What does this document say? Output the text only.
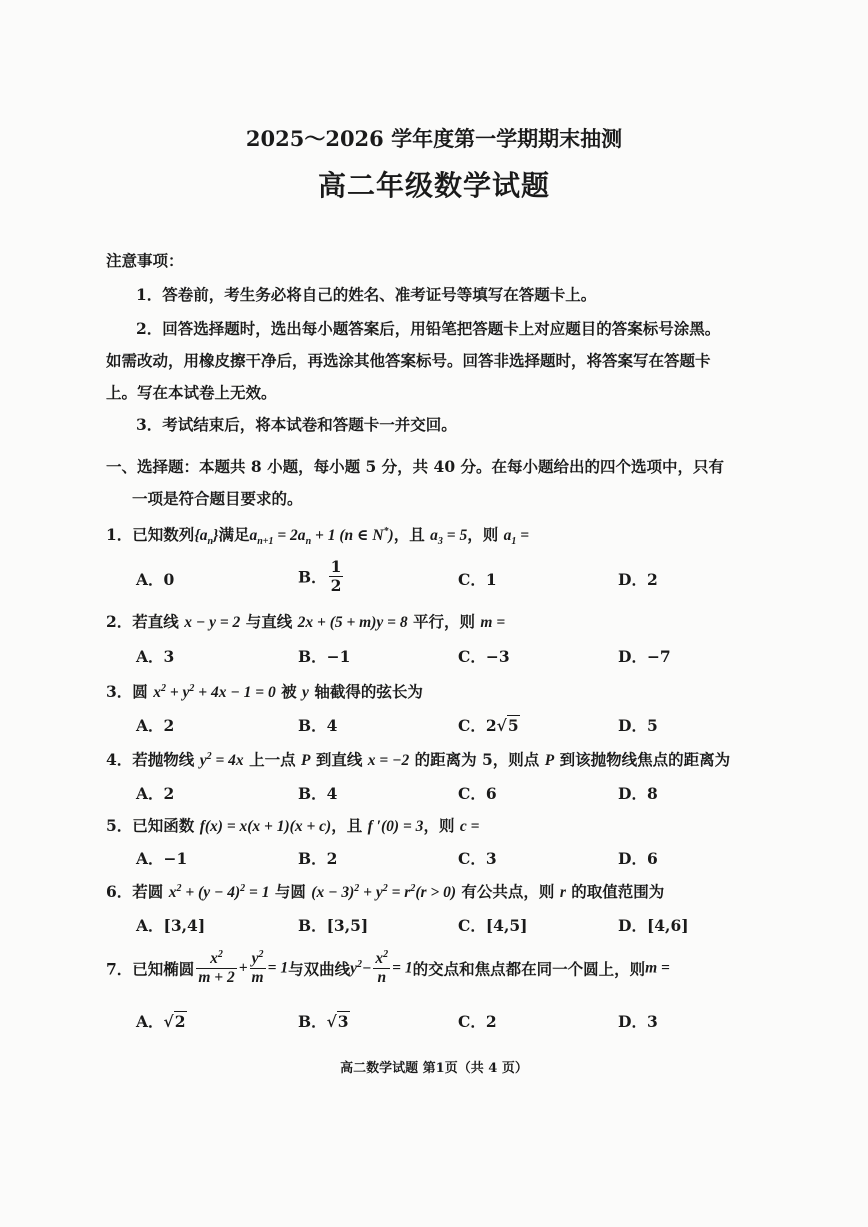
2025～2026 学年度第一学期期末抽测
高二年级数学试题
注意事项：
1．答卷前，考生务必将自己的姓名、准考证号等填写在答题卡上。
2．回答选择题时，选出每小题答案后，用铅笔把答题卡上对应题目的答案标号涂黑。
如需改动，用橡皮擦干净后，再选涂其他答案标号。回答非选择题时，将答案写在答题卡
上。写在本试卷上无效。
3．考试结束后，将本试卷和答题卡一并交回。
一、选择题：本题共 8 小题，每小题 5 分，共 40 分。在每小题给出的四个选项中，只有
一项是符合题目要求的。
1．已知数列$\{a_n\}$满足$a_{n+1} = 2a_n + 1$ (n ∈ N*)，且 $a_3 = 5$，则 $a_1$ =
A．0	B． $\frac{1}{2}$	C．1	D．2
2．若直线 x − y = 2 与直线 2x + (5 + m)y = 8 平行，则 m =
A．3	B．−1	C．−3	D．−7
3．圆 $x^2 + y^2 + 4x - 1 = 0$ 被 y 轴截得的弦长为
A．2	B．4	C．2√5	D．5
4．若抛物线 $y^2 = 4x$ 上一点 P 到直线 x = −2 的距离为 5，则点 P 到该抛物线焦点的距离为
A．2	B．4	C．6	D．8
5．已知函数 f(x) = x(x + 1)(x + c)，且 f ′(0) = 3，则 c =
A．−1	B．2	C．3	D．6
6．若圆 $x^2 + (y - 4)^2 = 1$ 与圆 $(x - 3)^2 + y^2 = r^2(r > 0)$ 有公共点，则 r 的取值范围为
A．[3,4]	B．[3,5]	C．[4,5]	D．[4,6]
7．已知椭圆 $\frac{x^2}{m + 2} + \frac{y^2}{m} = 1$与双曲线$y^2- \frac{x^2}{n} = 1$的交点和焦点都在同一个圆上，则m =
A．√2	B．√3	C．2	D．3
高二数学试题 第1页（共 4 页）
